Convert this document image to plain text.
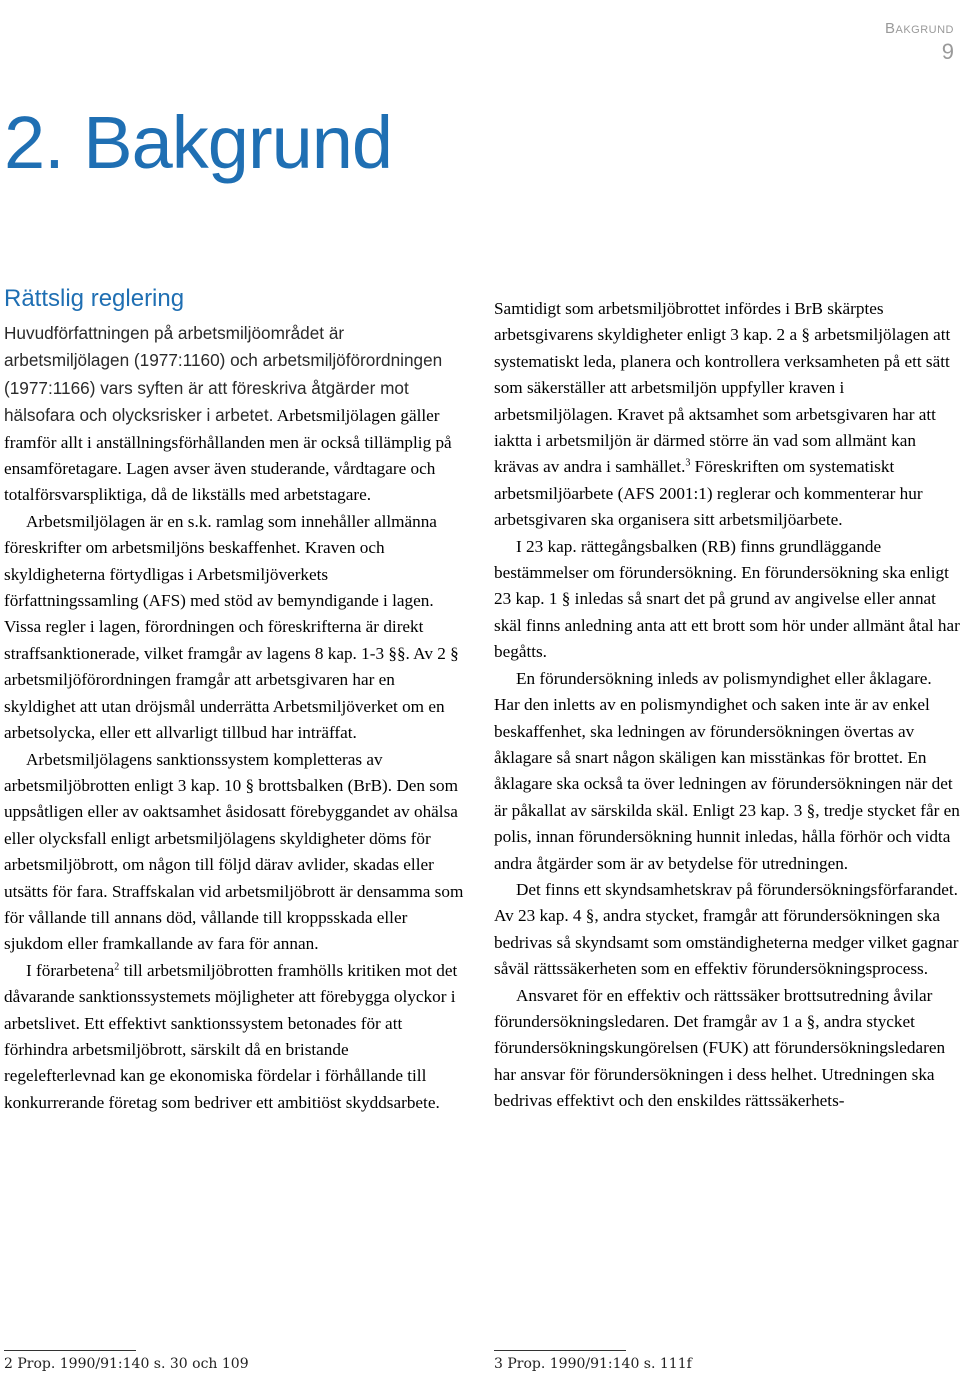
Bakgrund
9
2. Bakgrund
Rättslig reglering

Huvudförfattningen på arbetsmiljöområdet är arbetsmiljölagen (1977:1160) och arbetsmiljöförordningen (1977:1166) vars syften är att föreskriva åtgärder mot hälsofara och olycksrisker i arbetet. Arbetsmiljölagen gäller framför allt i anställningsförhållanden men är också tillämplig på ensamföretagare. Lagen avser även studerande, vårdtagare och totalförsvarspliktiga, då de likställs med arbetstagare.

Arbetsmiljölagen är en s.k. ramlag som innehåller allmänna föreskrifter om arbetsmiljöns beskaffenhet. Kraven och skyldigheterna förtydligas i Arbetsmiljöverkets författningssamling (AFS) med stöd av bemyndigande i lagen. Vissa regler i lagen, förordningen och föreskrifterna är direkt straffsanktionerade, vilket framgår av lagens 8 kap. 1-3 §§. Av 2 § arbetsmiljöförordningen framgår att arbetsgivaren har en skyldighet att utan dröjsmål underrätta Arbetsmiljöverket om en arbetsolycka, eller ett allvarligt tillbud har inträffat.

Arbetsmiljölagens sanktionssystem kompletteras av arbetsmiljöbrotten enligt 3 kap. 10 § brottsbalken (BrB). Den som uppsåtligen eller av oaktsamhet åsidosatt förebyggandet av ohälsa eller olycksfall enligt arbetsmiljölagens skyldigheter döms för arbetsmiljöbrott, om någon till följd därav avlider, skadas eller utsätts för fara. Straffskalan vid arbetsmiljöbrott är densamma som för vållande till annans död, vållande till kroppsskada eller sjukdom eller framkallande av fara för annan.

I förarbetena$^2$ till arbetsmiljöbrotten framhölls kritiken mot det dåvarande sanktionssystemets möjligheter att förebygga olyckor i arbetslivet. Ett effektivt sanktionssystem betonades för att förhindra arbetsmiljöbrott, särskilt då en bristande regelefterlevnad kan ge ekonomiska fördelar i förhållande till konkurrerande företag som bedriver ett ambitiöst skyddsarbete.

Samtidigt som arbetsmiljöbrottet infördes i BrB skärptes arbetsgivarens skyldigheter enligt 3 kap. 2 a § arbetsmiljölagen att systematiskt leda, planera och kontrollera verksamheten på ett sätt som säkerställer att arbetsmiljön uppfyller kraven i arbetsmiljölagen. Kravet på aktsamhet som arbetsgivaren har att iakttа i arbetsmiljön är därmed större än vad som allmänt kan krävas av andra i samhället.$^3$ Föreskriften om systematiskt arbetsmiljöarbete (AFS 2001:1) reglerar och kommenterar hur arbetsgivaren ska organisera sitt arbetsmiljöarbete.

I 23 kap. rättegångsbalken (RB) finns grundläggande bestämmelser om förundersökning. En förundersökning ska enligt 23 kap. 1 § inledas så snart det på grund av angivelse eller annat skäl finns anledning anta att ett brott som hör under allmänt åtal har begåtts.

En förundersökning inleds av polismyndighet eller åklagare. Har den inletts av en polismyndighet och saken inte är av enkel beskaffenhet, ska ledningen av förundersökningen övertas av åklagare så snart någon skäligen kan misstänkas för brottet. En åklagare ska också ta över ledningen av förundersökningen när det är påkallat av särskilda skäl. Enligt 23 kap. 3 §, tredje stycket får en polis, innan förundersökning hunnit inledas, hålla förhör och vidta andra åtgärder som är av betydelse för utredningen.

Det finns ett skyndsamhetskrav på förundersökningsförfarandet. Av 23 kap. 4 §, andra stycket, framgår att förundersökningen ska bedrivas så skyndsamt som omständigheterna medger vilket gagnar såväl rättssäkerheten som en effektiv förundersökningsprocess.

Ansvaret för en effektiv och rättssäker brottsutredning åvilar förundersökningsledaren. Det framgår av 1 a §, andra stycket förundersökningskungörelsen (FUK) att förundersökningsledaren har ansvar för förundersökningen i dess helhet. Utredningen ska bedrivas effektivt och den enskildes rättssäkerhets-

2 Prop. 1990/91:140 s. 30 och 109	3 Prop. 1990/91:140 s. 111f
